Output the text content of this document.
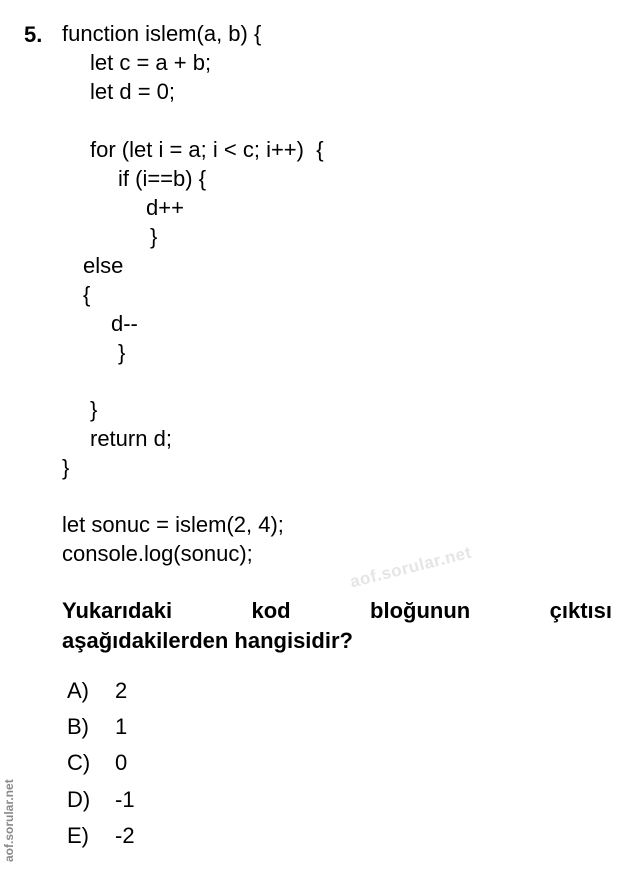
5. function islem(a, b) {
let c = a + b;
let d = 0;
for (let i = a; i < c; i++)  {
if (i==b) {
d++
}
else
{
d--
}
}
return d;
}
let sonuc = islem(2, 4);
console.log(sonuc);
Yukarıdaki	kod	bloğunun	çıktısı
aşağıdakilerden hangisidir?
A) 2
B) 1
C) 0
D) -1
E) -2
aof.sorular.net
aof.sorular.net
